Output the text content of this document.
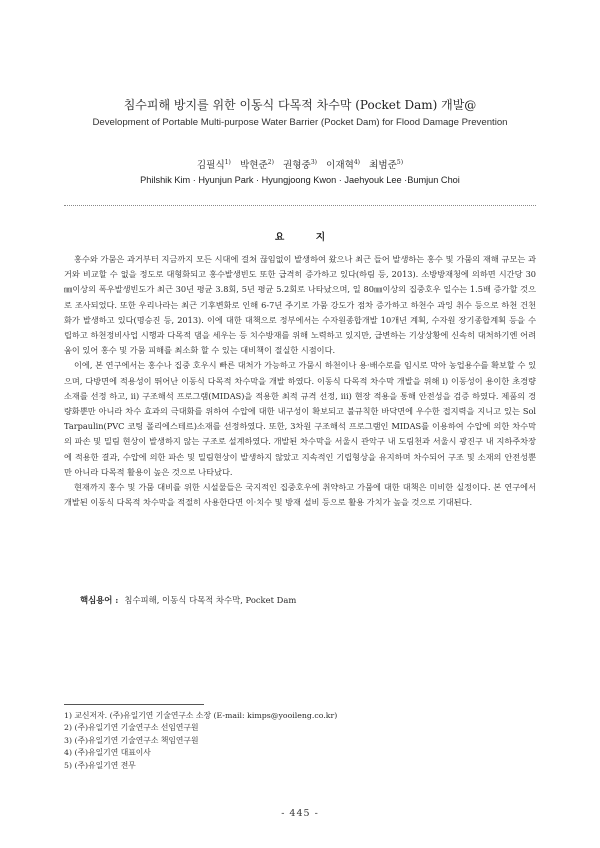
침수피해 방지를 위한 이동식 다목적 차수막 (Pocket Dam) 개발@
Development of Portable Multi-purpose Water Barrier (Pocket Dam) for Flood Damage Prevention
김필식$^{1)}$ 박현준$^{2)}$ 권형중$^{3)}$ 이재혁$^{4)}$ 최범준$^{5)}$
Philshik Kim · Hyunjun Park · Hyungjoong Kwon · Jaehyouk Lee ·Bumjun Choi
요 지

홍수와 가뭄은 과거부터 지금까지 모든 시대에 걸쳐 끊임없이 발생하여 왔으나 최근 들어 발생하는 홍수 및 가뭄의 재해 규모는 과거와 비교할 수 없을 정도로 대형화되고 홍수발생빈도 또한 급격히 증가하고 있다(하림 등, 2013). 소방방재청에 의하면 시간당 30㎜이상의 폭우발생빈도가 최근 30년 평균 3.8회, 5년 평균 5.2회로 나타났으며, 일 80㎜이상의 집중호우 일수는 1.5배 증가할 것으로 조사되었다. 또한 우리나라는 최근 기후변화로 인해 6-7년 주기로 가뭄 강도가 점차 증가하고 하천수 과잉 취수 등으로 하천 건천화가 발생하고 있다(명승진 등, 2013). 이에 대한 대책으로 정부에서는 수자원종합개발 10개년 계획, 수자원 장기종합계획 등을 수립하고 하천정비사업 시행과 다목적 댐을 세우는 등 치수방재를 위해 노력하고 있지만, 급변하는 기상상황에 신속히 대처하기엔 어려움이 있어 홍수 및 가뭄 피해를 최소화 할 수 있는 대비책이 절실한 시점이다.

이에, 본 연구에서는 홍수나 집중 호우시 빠른 대처가 가능하고 가뭄시 하천이나 용·배수로를 임시로 막아 농업용수를 확보할 수 있으며, 다방면에 적용성이 뛰어난 이동식 다목적 차수막을 개발 하였다. 이동식 다목적 차수막 개발을 위해 i) 이동성이 용이한 초경량 소재를 선정 하고, ii) 구조해석 프로그램(MIDAS)을 적용한 최적 규격 선정, iii) 현장 적용을 통해 안전성을 검증 하였다. 제품의 경량화뿐만 아니라 차수 효과의 극대화를 위하여 수압에 대한 내구성이 확보되고 불규칙한 바닥면에 우수한 접지력을 지니고 있는 Sol Tarpaulin(PVC 코팅 폴리에스테르)소재를 선정하였다. 또한, 3차원 구조해석 프로그램인 MIDAS를 이용하여 수압에 의한 차수막의 파손 및 밀림 현상이 발생하지 않는 구조로 설계하였다. 개발된 차수막을 서울시 관악구 내 도림천과 서울시 광진구 내 지하주차장에 적용한 결과, 수압에 의한 파손 및 밀림현상이 발생하지 않았고 지속적인 기립형상을 유지하며 차수되어 구조 및 소재의 안전성뿐만 아니라 다목적 활용이 높은 것으로 나타났다.

현재까지 홍수 및 가뭄 대비를 위한 시설물들은 국지적인 집중호우에 취약하고 가뭄에 대한 대책은 미비한 실정이다. 본 연구에서 개발된 이동식 다목적 차수막을 적절히 사용한다면 이·치수 및 방재 설비 등으로 활용 가치가 높을 것으로 기대된다.

핵심용어 : 침수피해, 이동식 다목적 차수막, Pocket Dam
1) 교신저자. (주)유일기연 기술연구소 소장 (E-mail: kimps@yooileng.co.kr)
2) (주)유일기연 기술연구소 선임연구원
3) (주)유일기연 기술연구소 책임연구원
4) (주)유일기연 대표이사
5) (주)유일기연 전무
- 445 -
